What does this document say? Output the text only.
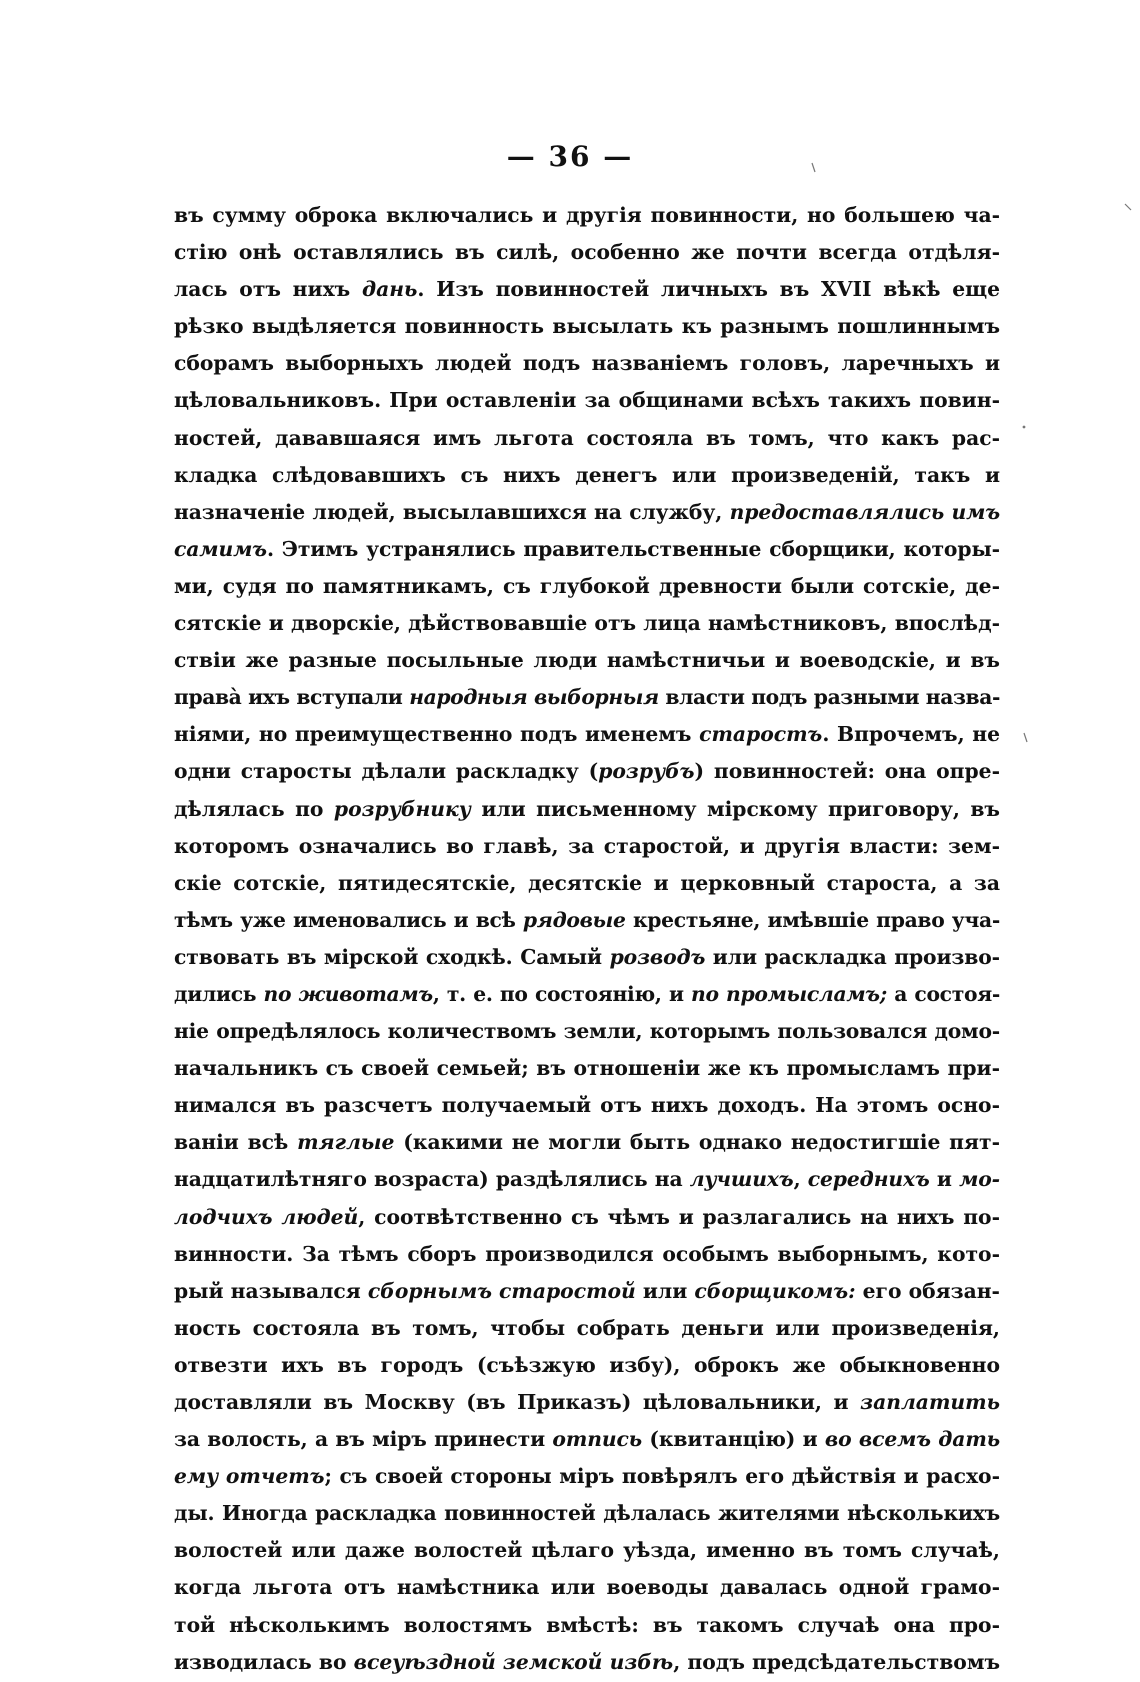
— 36 —
въ сумму оброка включались и другія повинности, но большею ча-
стію онѣ оставлялись въ силѣ, особенно же почти всегда отдѣля-
лась отъ нихъ дань. Изъ повинностей личныхъ въ XVII вѣкѣ еще
рѣзко выдѣляется повинность высылать къ разнымъ пошлиннымъ
сборамъ выборныхъ людей подъ названіемъ головъ, ларечныхъ и
цѣловальниковъ. При оставленіи за общинами всѣхъ такихъ повин-
ностей, дававшаяся имъ льгота состояла въ томъ, что какъ рас-
кладка слѣдовавшихъ съ нихъ денегъ или произведеній, такъ и
назначеніе людей, высылавшихся на службу, предоставлялись имъ
самимъ. Этимъ устранялись правительственные сборщики, которы-
ми, судя по памятникамъ, съ глубокой древности были сотскіе, де-
сятскіе и дворскіе, дѣйствовавшіе отъ лица намѣстниковъ, впослѣд-
ствіи же разные посыльные люди намѣстничьи и воеводскіе, и въ
правà ихъ вступали народныя выборныя власти подъ разными назва-
ніями, но преимущественно подъ именемъ старостъ. Впрочемъ, не
одни старосты дѣлали раскладку (розрубъ) повинностей: она опре-
дѣлялась по розрубнику или письменному мірскому приговору, въ
которомъ означались во главѣ, за старостой, и другія власти: зем-
скіе сотскіе, пятидесятскіе, десятскіе и церковный староста, а за
тѣмъ уже именовались и всѣ рядовые крестьяне, имѣвшіе право уча-
ствовать въ мірской сходкѣ. Самый розводъ или раскладка произво-
дились по животамъ, т. е. по состоянію, и по промысламъ; а состоя-
ніе опредѣлялось количествомъ земли, которымъ пользовался домо-
начальникъ съ своей семьей; въ отношеніи же къ промысламъ при-
нимался въ разсчетъ получаемый отъ нихъ доходъ. На этомъ осно-
ваніи всѣ тяглые (какими не могли быть однако недостигшіе пят-
надцатилѣтняго возраста) раздѣлялись на лучшихъ, середнихъ и мо-
лодчихъ людей, соотвѣтственно съ чѣмъ и разлагались на нихъ по-
винности. За тѣмъ сборъ производился особымъ выборнымъ, кото-
рый назывался сборнымъ старостой или сборщикомъ: его обязан-
ность состояла въ томъ, чтобы собрать деньги или произведенія,
отвезти ихъ въ городъ (съѣзжую избу), оброкъ же обыкновенно
доставляли въ Москву (въ Приказъ) цѣловальники, и заплатить
за волость, а въ міръ принести отпись (квитанцію) и во всемъ дать
ему отчетъ; съ своей стороны міръ повѣрялъ его дѣйствія и расхо-
ды. Иногда раскладка повинностей дѣлалась жителями нѣсколькихъ
волостей или даже волостей цѣлаго уѣзда, именно въ томъ случаѣ,
когда льгота отъ намѣстника или воеводы давалась одной грамо-
той нѣсколькимъ волостямъ вмѣстѣ: въ такомъ случаѣ она про-
изводилась во всеуѣздной земской избѣ, подъ предсѣдательствомъ
